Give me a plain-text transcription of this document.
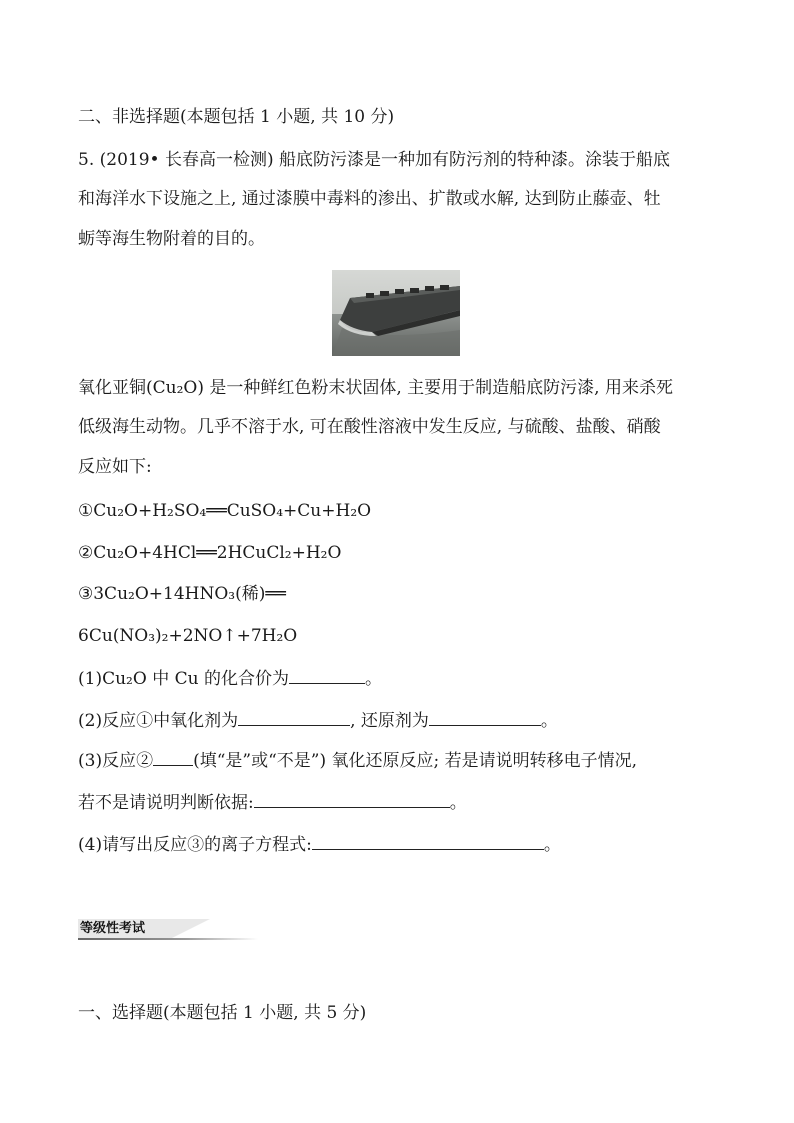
二、非选择题(本题包括 1 小题, 共 10 分)
5. (2019• 长春高一检测) 船底防污漆是一种加有防污剂的特种漆。涂装于船底
和海洋水下设施之上, 通过漆膜中毒料的渗出、扩散或水解, 达到防止藤壶、牡
蛎等海生物附着的目的。
氧化亚铜(Cu₂O) 是一种鲜红色粉末状固体, 主要用于制造船底防污漆, 用来杀死
低级海生动物。几乎不溶于水, 可在酸性溶液中发生反应, 与硫酸、盐酸、硝酸
反应如下:
①Cu₂O+H₂SO₄══CuSO₄+Cu+H₂O
②Cu₂O+4HCl══2HCuCl₂+H₂O
③3Cu₂O+14HNO₃(稀)══
6Cu(NO₃)₂+2NO↑+7H₂O
(1)Cu₂O 中 Cu 的化合价为	。
(2)反应①中氧化剂为	, 还原剂为	。
(3)反应② (填“是”或“不是”) 氧化还原反应; 若是请说明转移电子情况,
若不是请说明判断依据:	。
(4)请写出反应③的离子方程式:	。
等级性考试
一、选择题(本题包括 1 小题, 共 5 分)
